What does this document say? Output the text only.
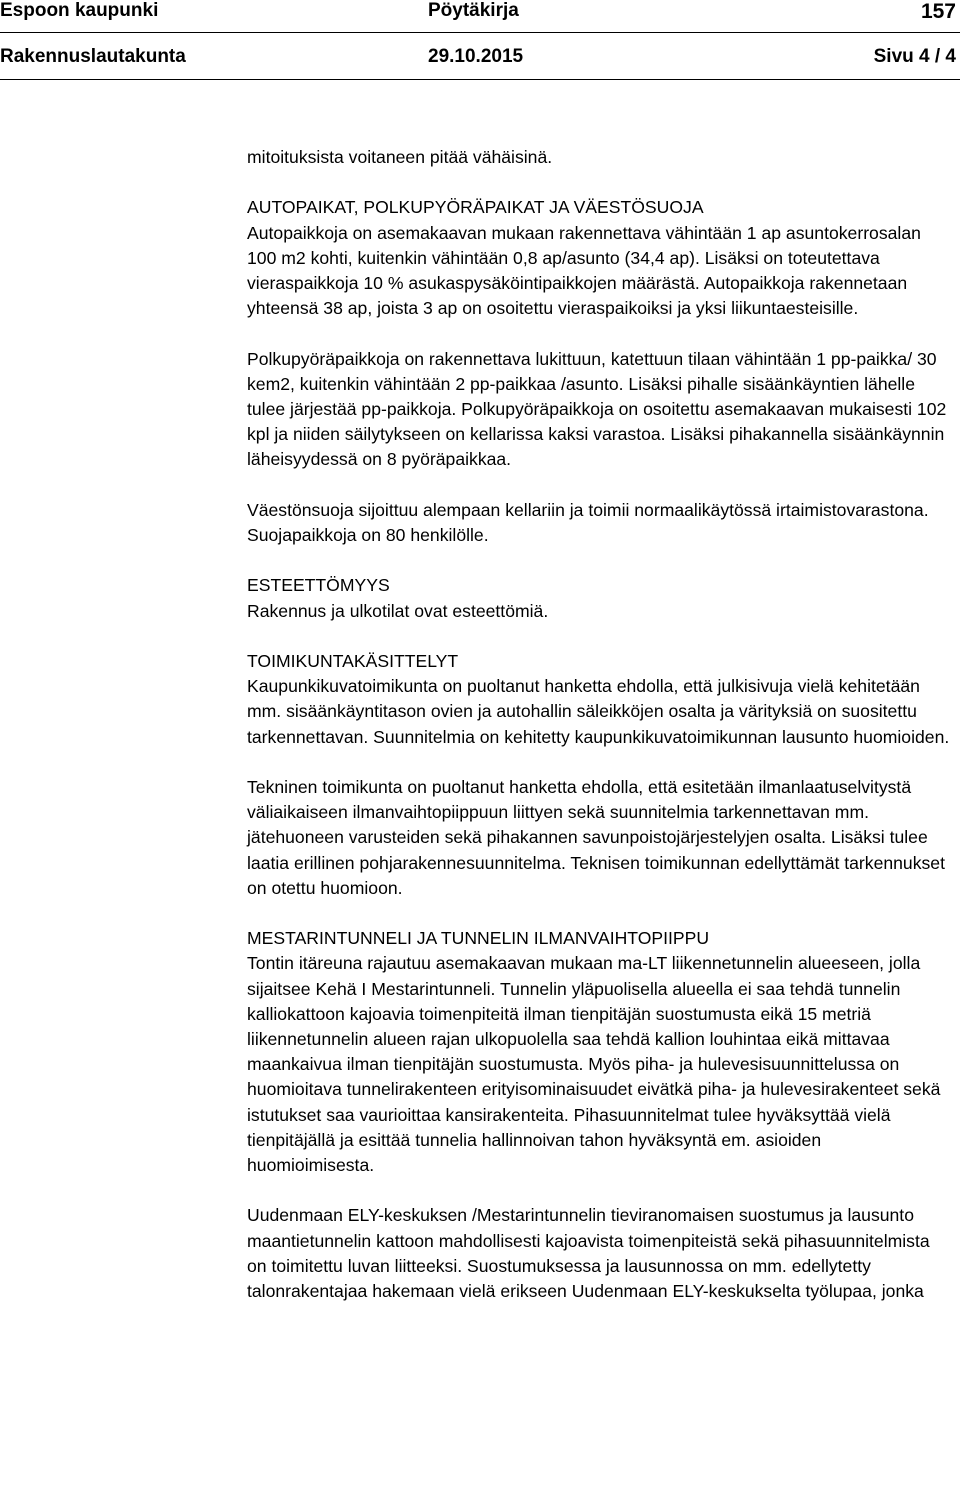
Espoon kaupunki	Pöytäkirja	157
Rakennuslautakunta	29.10.2015	Sivu 4 / 4

mitoituksista voitaneen pitää vähäisinä.

AUTOPAIKAT, POLKUPYÖRÄPAIKAT JA VÄESTÖSUOJA
Autopaikkoja on asemakaavan mukaan rakennettava vähintään 1 ap asuntokerrosalan 100 m2 kohti, kuitenkin vähintään 0,8 ap/asunto (34,4 ap). Lisäksi on toteutettava vieraspaikkoja 10 % asukaspysäköintipaikkojen määrästä. Autopaikkoja rakennetaan yhteensä 38 ap, joista 3 ap on osoitettu vieraspaikoiksi ja yksi liikuntaesteisille.

Polkupyöräpaikkoja on rakennettava lukittuun, katettuun tilaan vähintään 1 pp-paikka/ 30 kem2, kuitenkin vähintään 2 pp-paikkaa /asunto. Lisäksi pihalle sisäänkäyntien lähelle tulee järjestää pp-paikkoja. Polkupyöräpaikkoja on osoitettu asemakaavan mukaisesti 102 kpl ja niiden säilytykseen on kellarissa kaksi varastoa. Lisäksi pihakannella sisäänkäynnin läheisyydessä on 8 pyöräpaikkaa.

Väestönsuoja sijoittuu alempaan kellariin ja toimii normaalikäytössä irtaimistovarastona. Suojapaikkoja on 80 henkilölle.

ESTEETTÖMYYS
Rakennus ja ulkotilat ovat esteettömiä.
TOIMIKUNTAKÄSITTELYT
Kaupunkikuvatoimikunta on puoltanut hanketta ehdolla, että julkisivuja vielä kehitetään mm. sisäänkäyntitason ovien ja autohallin säleikköjen osalta ja värityksiä on suositettu tarkennettavan. Suunnitelmia on kehitetty kaupunkikuvatoimikunnan lausunto huomioiden.

Tekninen toimikunta on puoltanut hanketta ehdolla, että esitetään ilmanlaatuselvitystä väliaikaiseen ilmanvaihtopiippuun liittyen sekä suunnitelmia tarkennettavan mm. jätehuoneen varusteiden sekä pihakannen savunpoistojärjestelyjen osalta. Lisäksi tulee laatia erillinen pohjarakennesuunnitelma. Teknisen toimikunnan edellyttämät tarkennukset on otettu huomioon.

MESTARINTUNNELI JA TUNNELIN ILMANVAIHTOPIIPPU
Tontin itäreuna rajautuu asemakaavan mukaan ma-LT liikennetunnelin alueeseen, jolla sijaitsee Kehä I Mestarintunneli. Tunnelin yläpuolisella alueella ei saa tehdä tunnelin kalliokattoon kajoavia toimenpiteitä ilman tienpitäjän suostumusta eikä 15 metriä liikennetunnelin alueen rajan ulkopuolella saa tehdä kallion louhintaa eikä mittavaa maankaivua ilman tienpitäjän suostumusta. Myös piha- ja hulevesisuunnittelussa on huomioitava tunnelirakenteen erityisominaisuudet eivätkä piha- ja hulevesirakenteet sekä istutukset saa vaurioittaa kansirakenteita. Pihasuunnitelmat tulee hyväksyttää vielä tienpitäjällä ja esittää tunnelia hallinnoivan tahon hyväksyntä em. asioiden huomioimisesta.

Uudenmaan ELY-keskuksen /Mestarintunnelin tieviranomaisen suostumus ja lausunto maantietunnelin kattoon mahdollisesti kajoavista toimenpiteistä sekä pihasuunnitelmista on toimitettu luvan liitteeksi. Suostumuksessa ja lausunnossa on mm. edellytetty talonrakentajaa hakemaan vielä erikseen Uudenmaan ELY-keskukselta työlupaa, jonka
